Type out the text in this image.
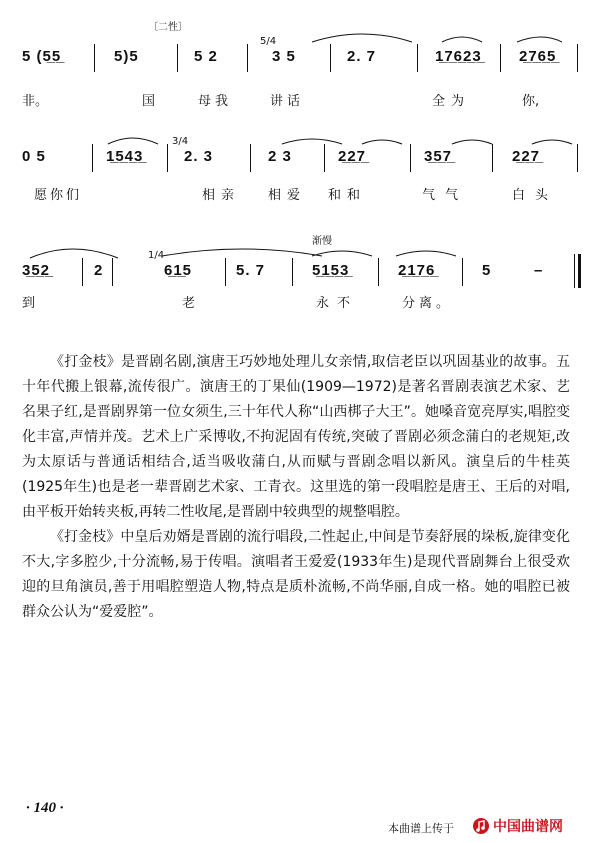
〔二性〕
5 (5̲5̲	5)5	5 2
5/4
3 5	2. 7	1̲7̲6̲2̲3̲ 2̲7̲6̲5̲
非。	国	母我	讲话	全为	你,
0 5	1̲5̲4̲3̲
3/4
2. 3	2 3	2̲2̲7̲	3̲5̲7̲	2̲2̲7̲
愿你们	相亲 相爱 和和	气气	白头
渐慢
3̲5̲2̲	2
1/4
6̲1̲5	5. 7	5̲1̲5̲3̲	2̲1̲7̲6̲	5	–
到	老	永不	分离。

《打金枝》是晋剧名剧,演唐王巧妙地处理儿女亲情,取信老臣以巩固基业的故事。五十年代搬上银幕,流传很广。演唐王的丁果仙(1909—1972)是著名晋剧表演艺术家、艺名果子红,是晋剧界第一位女须生,三十年代人称“山西梆子大王”。她嗓音宽亮厚实,唱腔变化丰富,声情并茂。艺术上广采博收,不拘泥固有传统,突破了晋剧必须念蒲白的老规矩,改为太原话与普通话相结合,适当吸收蒲白,从而赋与晋剧念唱以新风。演皇后的牛桂英(1925年生)也是老一辈晋剧艺术家、工青衣。这里选的第一段唱腔是唐王、王后的对唱,由平板开始转夹板,再转二性收尾,是晋剧中较典型的规整唱腔。

《打金枝》中皇后劝婿是晋剧的流行唱段,二性起止,中间是节奏舒展的垛板,旋律变化不大,字多腔少,十分流畅,易于传唱。演唱者王爱爱(1933年生)是现代晋剧舞台上很受欢迎的旦角演员,善于用唱腔塑造人物,特点是质朴流畅,不尚华丽,自成一格。她的唱腔已被群众公认为“爱爱腔”。

· 140 ·
本曲谱上传于	中国曲谱网
